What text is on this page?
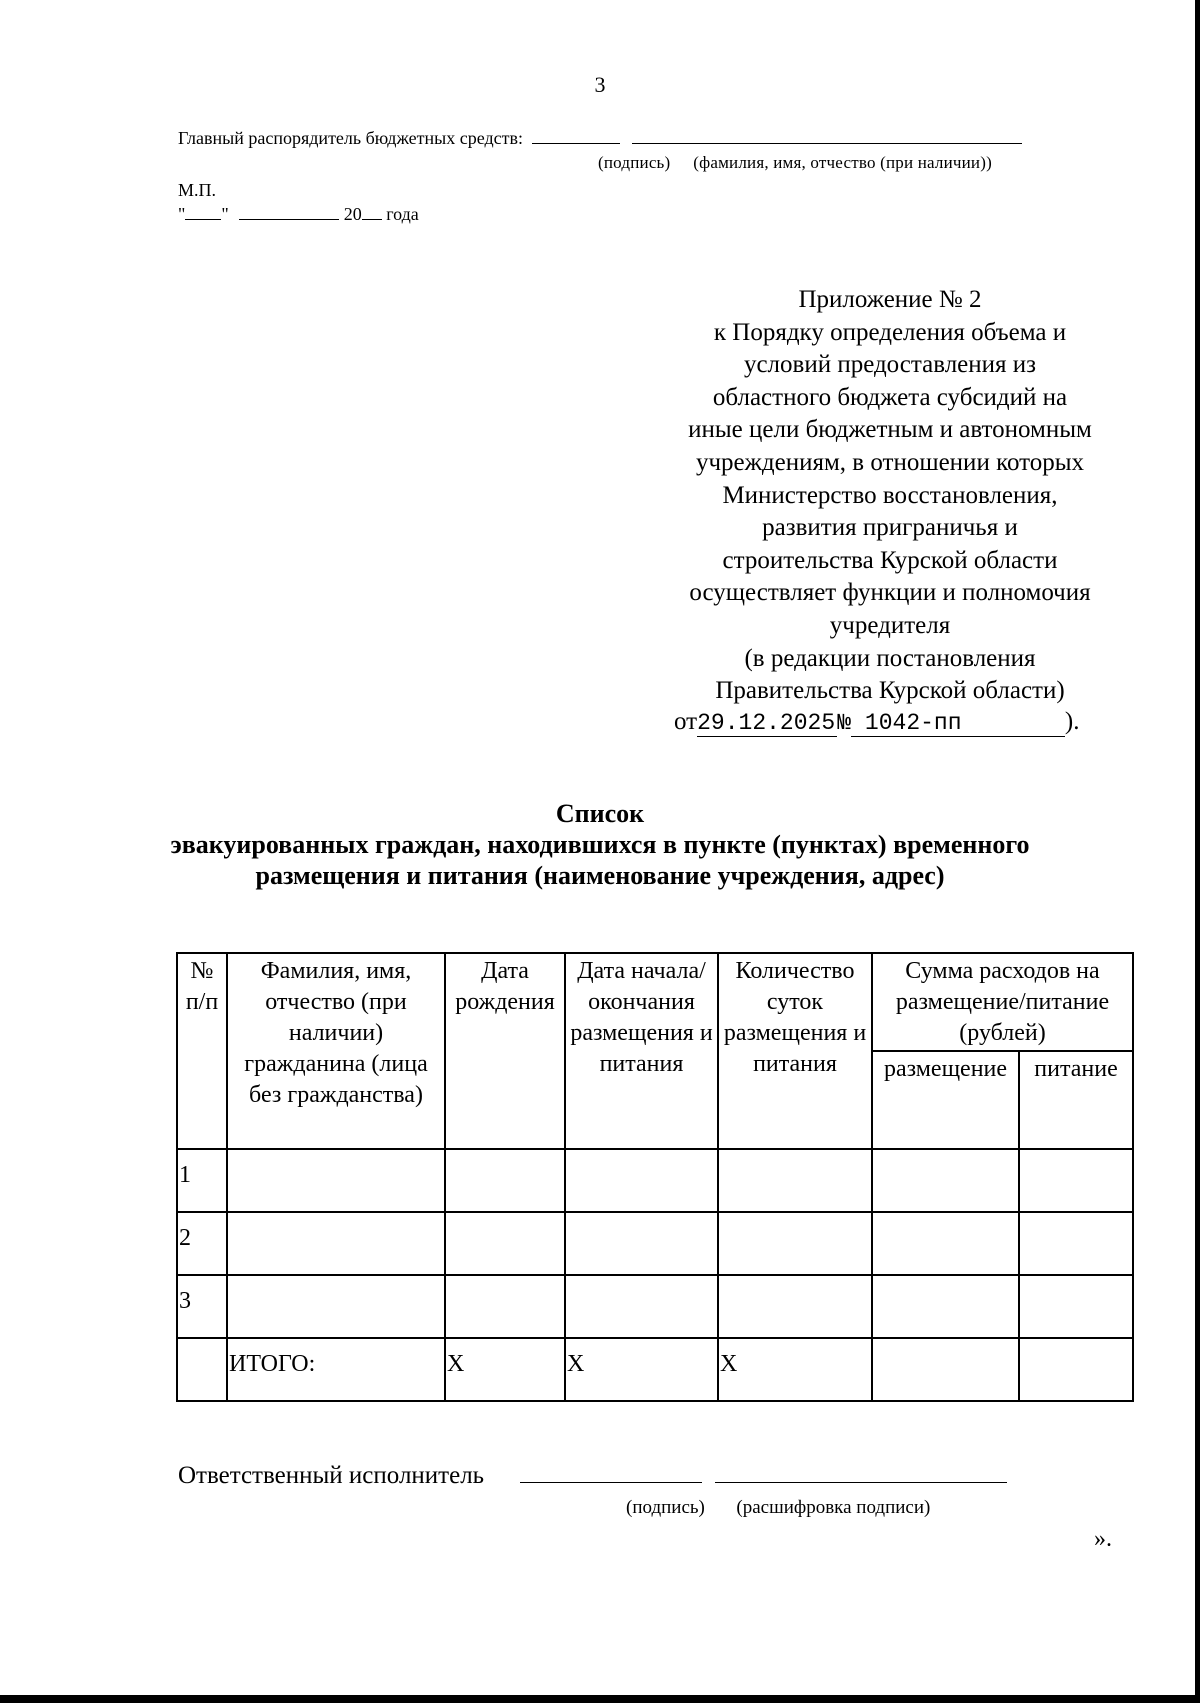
3
Главный распорядитель бюджетных средств:
(подпись) (фамилия, имя, отчество (при наличии))
М.П.
" "	20 года
Приложение № 2
к Порядку определения объема и
условий предоставления из
областного бюджета субсидий на
иные цели бюджетным и автономным
учреждениям, в отношении которых
Министерство восстановления,
развития приграничья и
строительства Курской области
осуществляет функции и полномочия
учредителя
(в редакции постановления
Правительства Курской области)
от29.12.2025№ 1042-пп	).
Список
эвакуированных граждан, находившихся в пункте (пунктах) временного
размещения и питания (наименование учреждения, адрес)
№ п/п	Фамилия, имя, отчество (при наличии) гражданина (лица без гражданства)	Дата рождения	Дата начала/ окончания размещения и питания	Количество суток размещения и питания	Сумма расходов на размещение/питание (рублей)	
					размещение	питание
1						
2						
3						
	ИТОГО:	X	X	X		
Ответственный исполнитель
(подпись) (расшифровка подписи)
».
